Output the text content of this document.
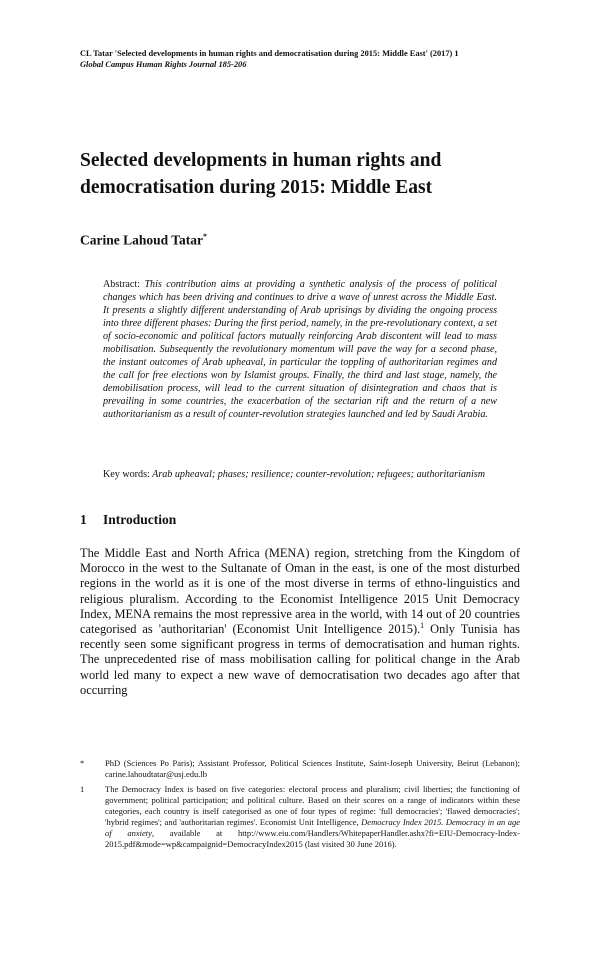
CL Tatar 'Selected developments in human rights and democratisation during 2015: Middle East' (2017) 1
Global Campus Human Rights Journal 185-206
Selected developments in human rights and democratisation during 2015: Middle East
Carine Lahoud Tatar*
Abstract: This contribution aims at providing a synthetic analysis of the process of political changes which has been driving and continues to drive a wave of unrest across the Middle East. It presents a slightly different understanding of Arab uprisings by dividing the ongoing process into three different phases: During the first period, namely, in the pre-revolutionary context, a set of socio-economic and political factors mutually reinforcing Arab discontent will lead to mass mobilisation. Subsequently the revolutionary momentum will pave the way for a second phase, the instant outcomes of Arab upheaval, in particular the toppling of authoritarian regimes and the call for free elections won by Islamist groups. Finally, the third and last stage, namely, the demobilisation process, will lead to the current situation of disintegration and chaos that is prevailing in some countries, the exacerbation of the sectarian rift and the return of a new authoritarianism as a result of counter-revolution strategies launched and led by Saudi Arabia.
Key words: Arab upheaval; phases; resilience; counter-revolution; refugees; authoritarianism
1 Introduction
The Middle East and North Africa (MENA) region, stretching from the Kingdom of Morocco in the west to the Sultanate of Oman in the east, is one of the most disturbed regions in the world as it is one of the most diverse in terms of ethno-linguistics and religious pluralism. According to the Economist Intelligence 2015 Unit Democracy Index, MENA remains the most repressive area in the world, with 14 out of 20 countries categorised as 'authoritarian' (Economist Unit Intelligence 2015).$^1$ Only Tunisia has recently seen some significant progress in terms of democratisation and human rights. The unprecedented rise of mass mobilisation calling for political change in the Arab world led many to expect a new wave of democratisation two decades ago after that occurring
*	PhD (Sciences Po Paris); Assistant Professor, Political Sciences Institute, Saint-Joseph University, Beirut (Lebanon); carine.lahoudtatar@usj.edu.lb
1	The Democracy Index is based on five categories: electoral process and pluralism; civil liberties; the functioning of government; political participation; and political culture. Based on their scores on a range of indicators within these categories, each country is itself categorised as one of four types of regime: 'full democracies'; 'flawed democracies'; 'hybrid regimes'; and 'authoritarian regimes'. Economist Unit Intelligence, Democracy Index 2015. Democracy in an age of anxiety, available at http://www.eiu.com/Handlers/WhitepaperHandler.ashx?fi=EIU-Democracy-Index-2015.pdf&mode=wp&campaignid=DemocracyIndex2015 (last visited 30 June 2016).
